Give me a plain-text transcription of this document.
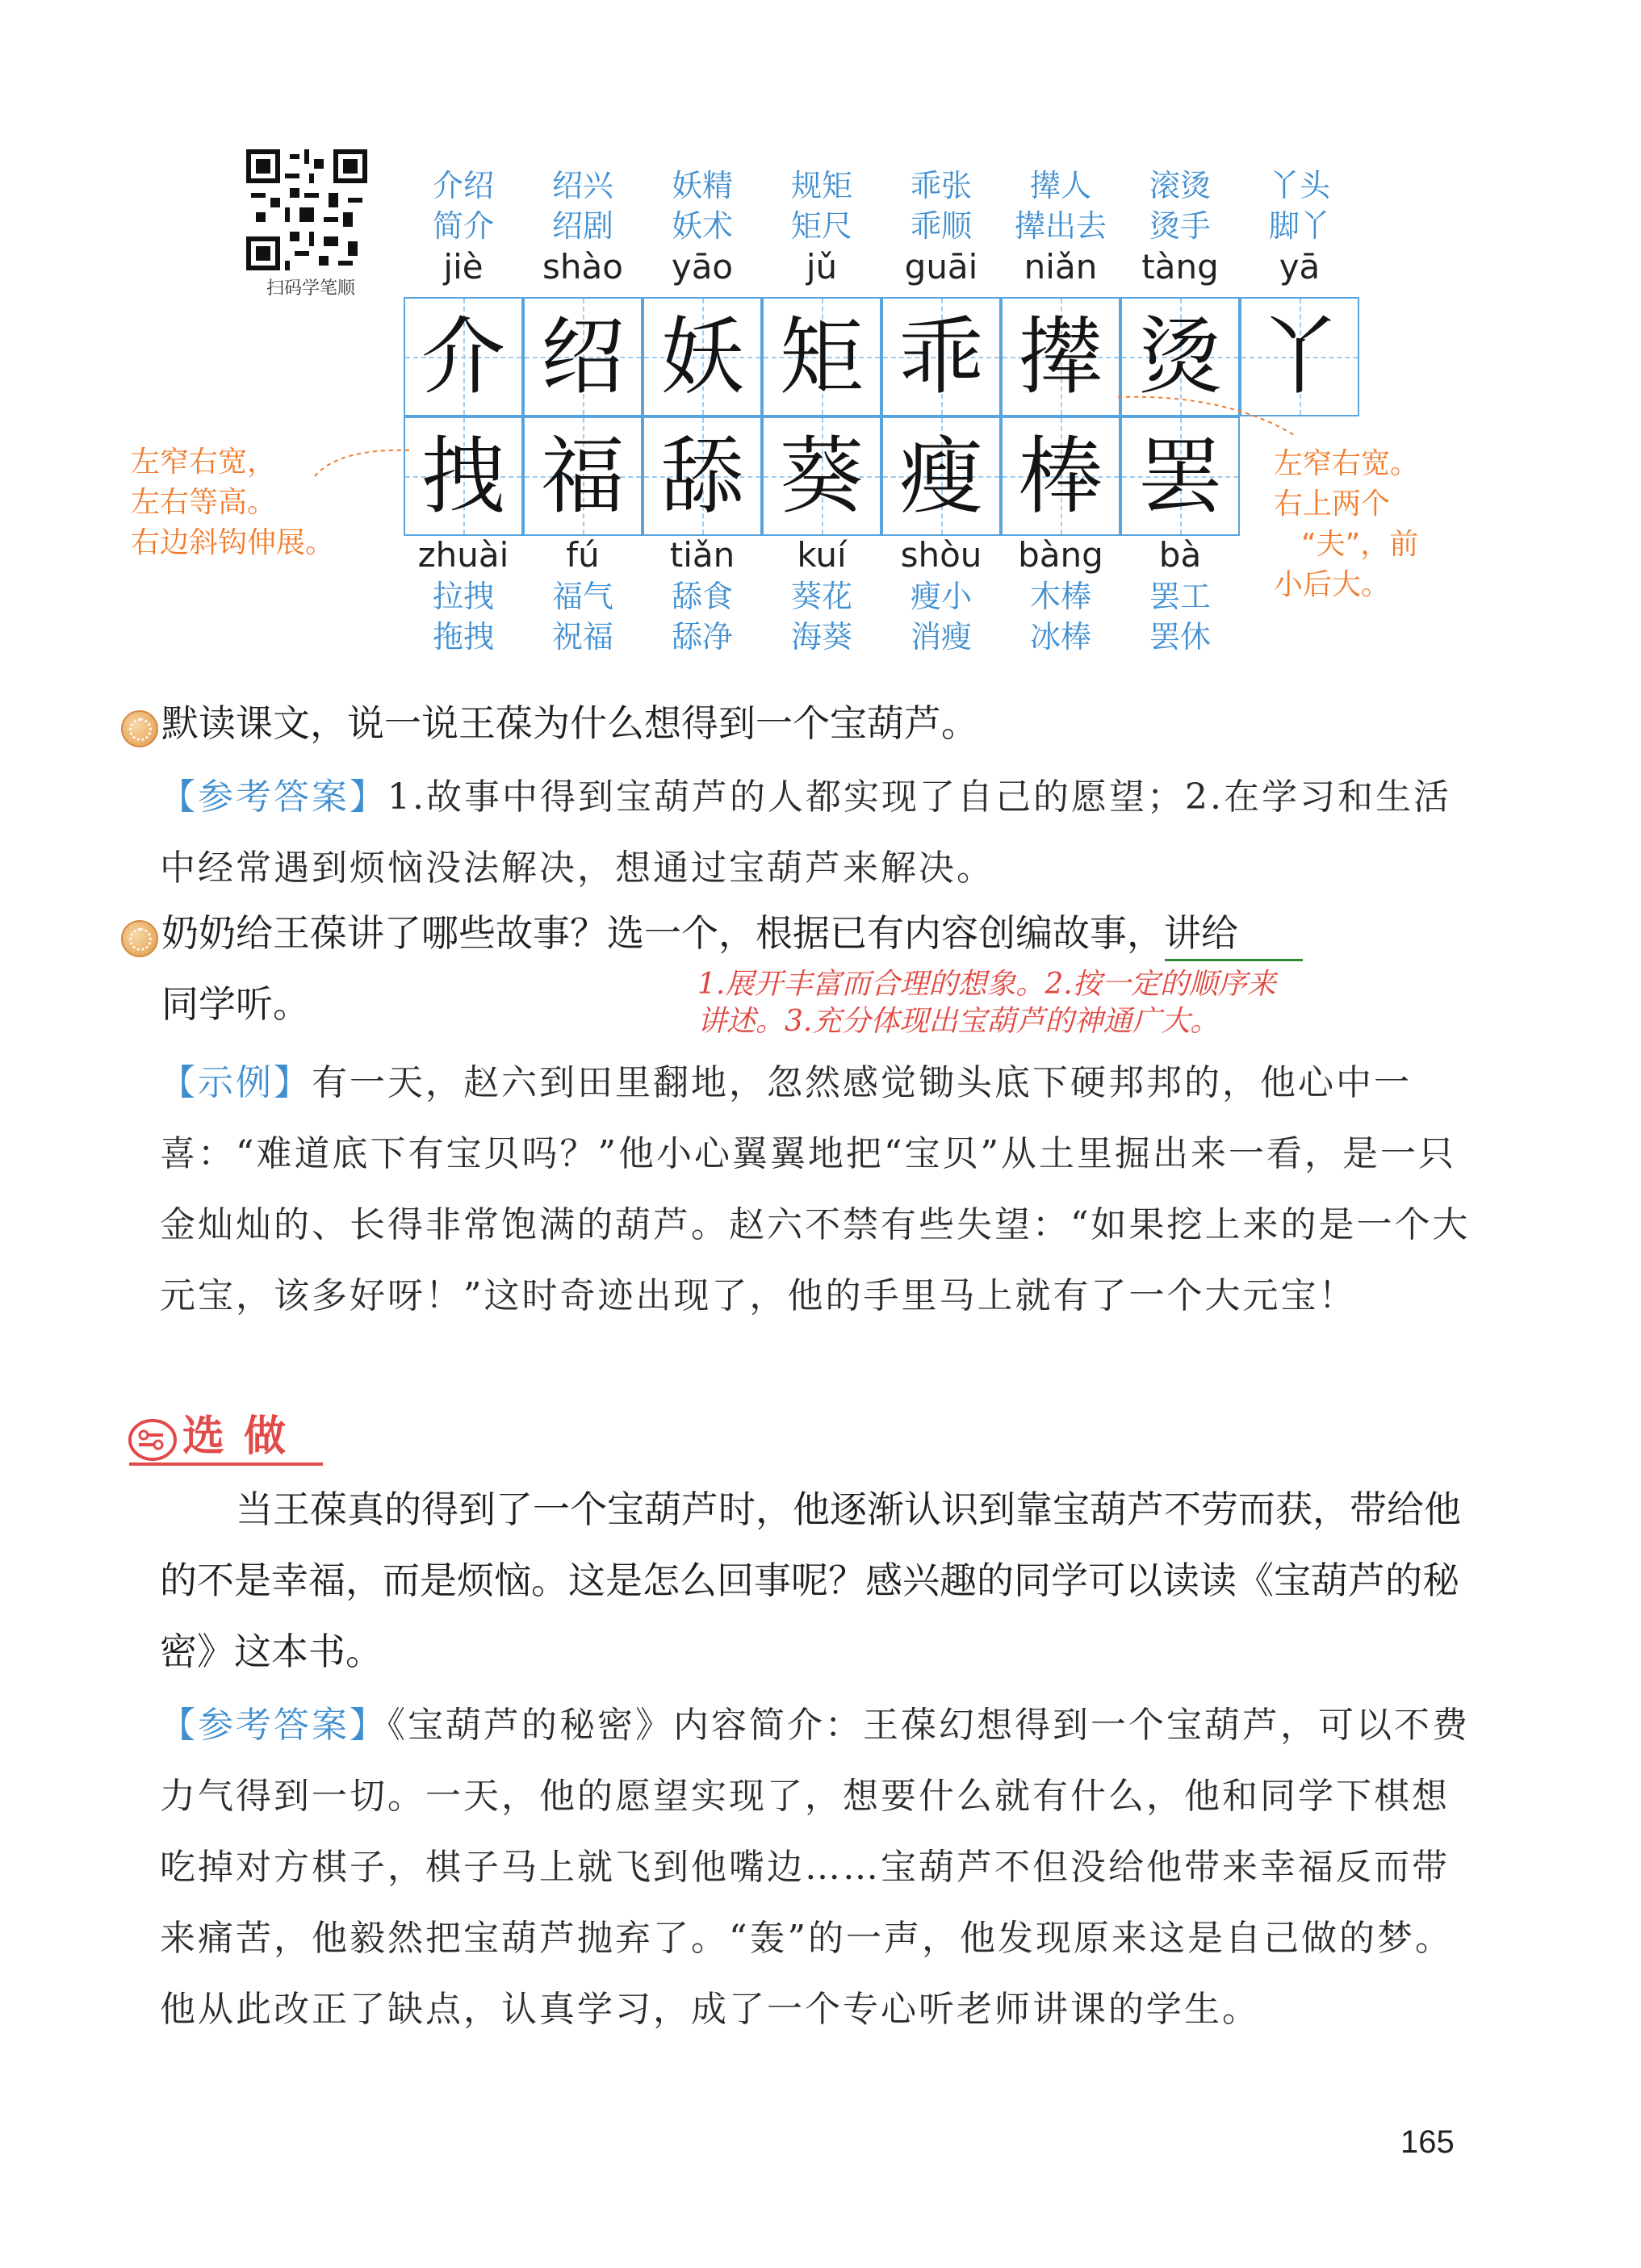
扫码学笔顺
介绍
简介
jiè
绍兴
绍剧
shào
妖精
妖术
yāo
规矩
矩尺
jǔ
乖张
乖顺
guāi
撵人
撵出去
niǎn
滚烫
烫手
tàng
丫头
脚丫
yā
介 绍 妖 矩 乖 撵 烫 丫
拽 福 舔 葵 瘦 棒 罢
zhuài
拉拽
拖拽
fú
福气
祝福
tiǎn
舔食
舔净
kuí
葵花
海葵
shòu
瘦小
消瘦
bàng
木棒
冰棒
bà
罢工
罢休
左窄右宽，
左右等高。
右边斜钩伸展。
左窄右宽。
右上两个
“夫”，前
小后大。
默读课文，说一说王葆为什么想得到一个宝葫芦。
【参考答案】1.故事中得到宝葫芦的人都实现了自己的愿望；2.在学习和生活中经常遇到烦恼没法解决，想通过宝葫芦来解决。
奶奶给王葆讲了哪些故事？选一个，根据已有内容创编故事，讲给
同学听。	1.展开丰富而合理的想象。2.按一定的顺序来
讲述。3.充分体现出宝葫芦的神通广大。
【示例】有一天，赵六到田里翻地，忽然感觉锄头底下硬邦邦的，他心中一喜：“难道底下有宝贝吗？”他小心翼翼地把“宝贝”从土里掘出来一看，是一只金灿灿的、长得非常饱满的葫芦。赵六不禁有些失望：“如果挖上来的是一个大元宝，该多好呀！”这时奇迹出现了，他的手里马上就有了一个大元宝！
选做
当王葆真的得到了一个宝葫芦时，他逐渐认识到靠宝葫芦不劳而获，带给他的不是幸福，而是烦恼。这是怎么回事呢？感兴趣的同学可以读读《宝葫芦的秘密》这本书。
【参考答案】《宝葫芦的秘密》内容简介：王葆幻想得到一个宝葫芦，可以不费力气得到一切。一天，他的愿望实现了，想要什么就有什么，他和同学下棋想吃掉对方棋子，棋子马上就飞到他嘴边……宝葫芦不但没给他带来幸福反而带来痛苦，他毅然把宝葫芦抛弃了。“轰”的一声，他发现原来这是自己做的梦。他从此改正了缺点，认真学习，成了一个专心听老师讲课的学生。
165
